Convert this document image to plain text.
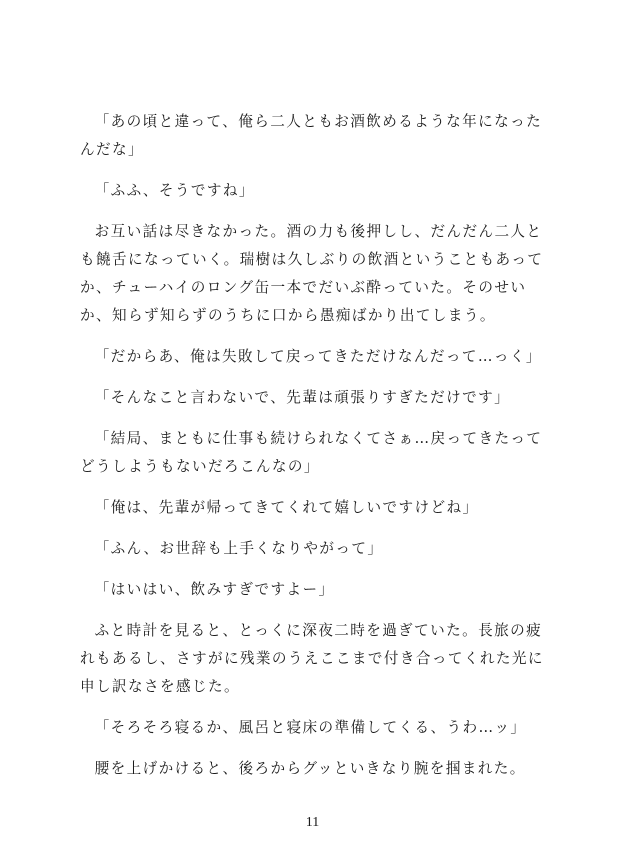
「あの頃と違って、俺ら二人ともお酒飲めるような年になったんだな」

「ふふ、そうですね」

お互い話は尽きなかった。酒の力も後押しし、だんだん二人とも饒舌になっていく。瑞樹は久しぶりの飲酒ということもあってか、チューハイのロング缶一本でだいぶ酔っていた。そのせいか、知らず知らずのうちに口から愚痴ばかり出てしまう。

「だからあ、俺は失敗して戻ってきただけなんだって…っく」

「そんなこと言わないで、先輩は頑張りすぎただけです」

「結局、まともに仕事も続けられなくてさぁ…戻ってきたってどうしようもないだろこんなの」

「俺は、先輩が帰ってきてくれて嬉しいですけどね」

「ふん、お世辞も上手くなりやがって」

「はいはい、飲みすぎですよー」

ふと時計を見ると、とっくに深夜二時を過ぎていた。長旅の疲れもあるし、さすがに残業のうえここまで付き合ってくれた光に申し訳なさを感じた。

「そろそろ寝るか、風呂と寝床の準備してくる、うわ…ッ」

腰を上げかけると、後ろからグッといきなり腕を掴まれた。

11
